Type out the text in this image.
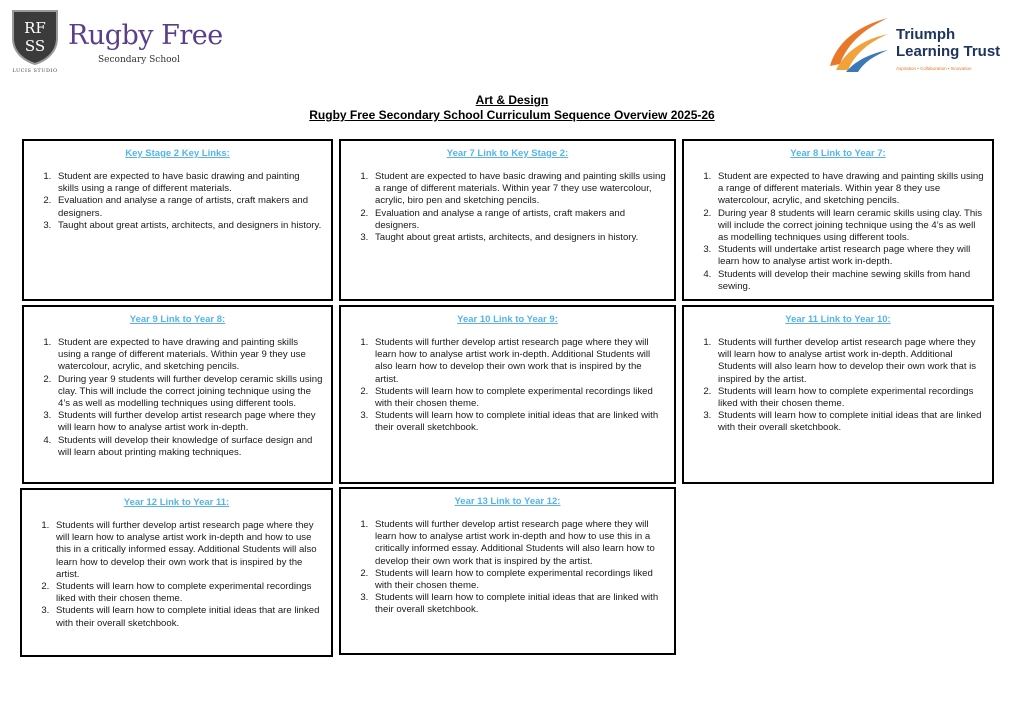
RF
SS
LUCIS STUDIO
Rugby Free
Secondary School
Triumph
Learning Trust
Aspiration • Collaboration • Innovation
Art & Design
Rugby Free Secondary School Curriculum Sequence Overview 2025-26
Key Stage 2 Key Links:
1. Student are expected to have basic drawing and painting skills using a range of different materials.
2. Evaluation and analyse a range of artists, craft makers and designers.
3. Taught about great artists, architects, and designers in history.
Year 7 Link to Key Stage 2:
1. Student are expected to have basic drawing and painting skills using a range of different materials. Within year 7 they use watercolour, acrylic, biro pen and sketching pencils.
2. Evaluation and analyse a range of artists, craft makers and designers.
3. Taught about great artists, architects, and designers in history.
Year 8 Link to Year 7:
1. Student are expected to have drawing and painting skills using a range of different materials. Within year 8 they use watercolour, acrylic, and sketching pencils.
2. During year 8 students will learn ceramic skills using clay. This will include the correct joining technique using the 4’s as well as modelling techniques using different tools.
3. Students will undertake artist research page where they will learn how to analyse artist work in-depth.
4. Students will develop their machine sewing skills from hand sewing.
Year 9 Link to Year 8:
1. Student are expected to have drawing and painting skills using a range of different materials. Within year 9 they use watercolour, acrylic, and sketching pencils.
2. During year 9 students will further develop ceramic skills using clay. This will include the correct joining technique using the 4’s as well as modelling techniques using different tools.
3. Students will further develop artist research page where they will learn how to analyse artist work in-depth.
4. Students will develop their knowledge of surface design and will learn about printing making techniques.
Year 10 Link to Year 9:
1. Students will further develop artist research page where they will learn how to analyse artist work in-depth. Additional Students will also learn how to develop their own work that is inspired by the artist.
2. Students will learn how to complete experimental recordings liked with their chosen theme.
3. Students will learn how to complete initial ideas that are linked with their overall sketchbook.
Year 11 Link to Year 10:
1. Students will further develop artist research page where they will learn how to analyse artist work in-depth. Additional Students will also learn how to develop their own work that is inspired by the artist.
2. Students will learn how to complete experimental recordings liked with their chosen theme.
3. Students will learn how to complete initial ideas that are linked with their overall sketchbook.
Year 12 Link to Year 11:
1. Students will further develop artist research page where they will learn how to analyse artist work in-depth and how to use this in a critically informed essay. Additional Students will also learn how to develop their own work that is inspired by the artist.
2. Students will learn how to complete experimental recordings liked with their chosen theme.
3. Students will learn how to complete initial ideas that are linked with their overall sketchbook.
Year 13 Link to Year 12:
1. Students will further develop artist research page where they will learn how to analyse artist work in-depth and how to use this in a critically informed essay. Additional Students will also learn how to develop their own work that is inspired by the artist.
2. Students will learn how to complete experimental recordings liked with their chosen theme.
3. Students will learn how to complete initial ideas that are linked with their overall sketchbook.
